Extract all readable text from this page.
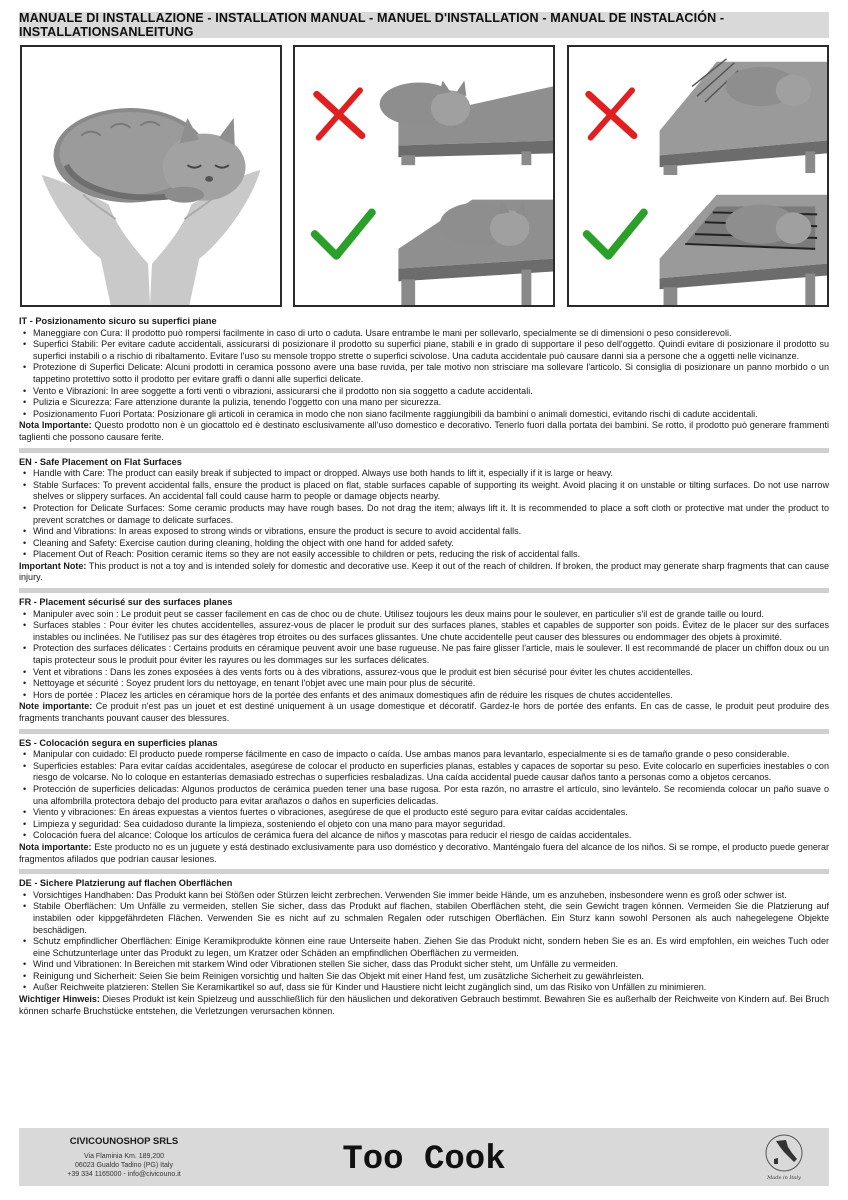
MANUALE DI INSTALLAZIONE - INSTALLATION MANUAL - MANUEL D'INSTALLATION - MANUAL DE INSTALACIÓN - INSTALLATIONSANLEITUNG
IT - Posizionamento sicuro su superfici piane
• Maneggiare con Cura: Il prodotto può rompersi facilmente in caso di urto o caduta. Usare entrambe le mani per sollevarlo, specialmente se di dimensioni o peso considerevoli.
• Superfici Stabili: Per evitare cadute accidentali, assicurarsi di posizionare il prodotto su superfici piane, stabili e in grado di supportare il peso dell'oggetto. Quindi evitare di posizionare il prodotto su superfici instabili o a rischio di ribaltamento. Evitare l'uso su mensole troppo strette o superfici scivolose. Una caduta accidentale può causare danni sia a persone che a oggetti nelle vicinanze.
• Protezione di Superfici Delicate: Alcuni prodotti in ceramica possono avere una base ruvida, per tale motivo non strisciare ma sollevare l'articolo. Si consiglia di posizionare un panno morbido o un tappetino protettivo sotto il prodotto per evitare graffi o danni alle superfici delicate.
• Vento e Vibrazioni: In aree soggette a forti venti o vibrazioni, assicurarsi che il prodotto non sia soggetto a cadute accidentali.
• Pulizia e Sicurezza: Fare attenzione durante la pulizia, tenendo l'oggetto con una mano per sicurezza.
• Posizionamento Fuori Portata: Posizionare gli articoli in ceramica in modo che non siano facilmente raggiungibili da bambini o animali domestici, evitando rischi di cadute accidentali.

Nota Importante: Questo prodotto non è un giocattolo ed è destinato esclusivamente all'uso domestico e decorativo. Tenerlo fuori dalla portata dei bambini. Se rotto, il prodotto può generare frammenti taglienti che possono causare ferite.

EN - Safe Placement on Flat Surfaces
• Handle with Care: The product can easily break if subjected to impact or dropped. Always use both hands to lift it, especially if it is large or heavy.
• Stable Surfaces: To prevent accidental falls, ensure the product is placed on flat, stable surfaces capable of supporting its weight. Avoid placing it on unstable or tilting surfaces. Do not use narrow shelves or slippery surfaces. An accidental fall could cause harm to people or damage objects nearby.
• Protection for Delicate Surfaces: Some ceramic products may have rough bases. Do not drag the item; always lift it. It is recommended to place a soft cloth or protective mat under the product to prevent scratches or damage to delicate surfaces.
• Wind and Vibrations: In areas exposed to strong winds or vibrations, ensure the product is secure to avoid accidental falls.
• Cleaning and Safety: Exercise caution during cleaning, holding the object with one hand for added safety.
• Placement Out of Reach: Position ceramic items so they are not easily accessible to children or pets, reducing the risk of accidental falls.

Important Note: This product is not a toy and is intended solely for domestic and decorative use. Keep it out of the reach of children. If broken, the product may generate sharp fragments that can cause injury.

FR - Placement sécurisé sur des surfaces planes
• Manipuler avec soin : Le produit peut se casser facilement en cas de choc ou de chute. Utilisez toujours les deux mains pour le soulever, en particulier s'il est de grande taille ou lourd.
• Surfaces stables : Pour éviter les chutes accidentelles, assurez-vous de placer le produit sur des surfaces planes, stables et capables de supporter son poids. Évitez de le placer sur des surfaces instables ou inclinées. Ne l'utilisez pas sur des étagères trop étroites ou des surfaces glissantes. Une chute accidentelle peut causer des blessures ou endommager des objets à proximité.
• Protection des surfaces délicates : Certains produits en céramique peuvent avoir une base rugueuse. Ne pas faire glisser l'article, mais le soulever. Il est recommandé de placer un chiffon doux ou un tapis protecteur sous le produit pour éviter les rayures ou les dommages sur les surfaces délicates.
• Vent et vibrations : Dans les zones exposées à des vents forts ou à des vibrations, assurez-vous que le produit est bien sécurisé pour éviter les chutes accidentelles.
• Nettoyage et sécurité : Soyez prudent lors du nettoyage, en tenant l'objet avec une main pour plus de sécurité.
• Hors de portée : Placez les articles en céramique hors de la portée des enfants et des animaux domestiques afin de réduire les risques de chutes accidentelles.

Note importante: Ce produit n'est pas un jouet et est destiné uniquement à un usage domestique et décoratif. Gardez-le hors de portée des enfants. En cas de casse, le produit peut produire des fragments tranchants pouvant causer des blessures.

ES - Colocación segura en superficies planas
• Manipular con cuidado: El producto puede romperse fácilmente en caso de impacto o caída. Use ambas manos para levantarlo, especialmente si es de tamaño grande o peso considerable.
• Superficies estables: Para evitar caídas accidentales, asegúrese de colocar el producto en superficies planas, estables y capaces de soportar su peso. Evite colocarlo en superficies inestables o con riesgo de volcarse. No lo coloque en estanterías demasiado estrechas o superficies resbaladizas. Una caída accidental puede causar daños tanto a personas como a objetos cercanos.
• Protección de superficies delicadas: Algunos productos de cerámica pueden tener una base rugosa. Por esta razón, no arrastre el artículo, sino levántelo. Se recomienda colocar un paño suave o una alfombrilla protectora debajo del producto para evitar arañazos o daños en superficies delicadas.
• Viento y vibraciones: En áreas expuestas a vientos fuertes o vibraciones, asegúrese de que el producto esté seguro para evitar caídas accidentales.
• Limpieza y seguridad: Sea cuidadoso durante la limpieza, sosteniendo el objeto con una mano para mayor seguridad.
• Colocación fuera del alcance: Coloque los artículos de cerámica fuera del alcance de niños y mascotas para reducir el riesgo de caídas accidentales.

Nota importante: Este producto no es un juguete y está destinado exclusivamente para uso doméstico y decorativo. Manténgalo fuera del alcance de los niños. Si se rompe, el producto puede generar fragmentos afilados que podrían causar lesiones.

DE - Sichere Platzierung auf flachen Oberflächen
• Vorsichtiges Handhaben: Das Produkt kann bei Stößen oder Stürzen leicht zerbrechen. Verwenden Sie immer beide Hände, um es anzuheben, insbesondere wenn es groß oder schwer ist.
• Stabile Oberflächen: Um Unfälle zu vermeiden, stellen Sie sicher, dass das Produkt auf flachen, stabilen Oberflächen steht, die sein Gewicht tragen können. Vermeiden Sie die Platzierung auf instabilen oder kippgefährdeten Flächen. Verwenden Sie es nicht auf zu schmalen Regalen oder rutschigen Oberflächen. Ein Sturz kann sowohl Personen als auch nahegelegene Objekte beschädigen.
• Schutz empfindlicher Oberflächen: Einige Keramikprodukte können eine raue Unterseite haben. Ziehen Sie das Produkt nicht, sondern heben Sie es an. Es wird empfohlen, ein weiches Tuch oder eine Schutzunterlage unter das Produkt zu legen, um Kratzer oder Schäden an empfindlichen Oberflächen zu vermeiden.
• Wind und Vibrationen: In Bereichen mit starkem Wind oder Vibrationen stellen Sie sicher, dass das Produkt sicher steht, um Unfälle zu vermeiden.
• Reinigung und Sicherheit: Seien Sie beim Reinigen vorsichtig und halten Sie das Objekt mit einer Hand fest, um zusätzliche Sicherheit zu gewährleisten.
• Außer Reichweite platzieren: Stellen Sie Keramikartikel so auf, dass sie für Kinder und Haustiere nicht leicht zugänglich sind, um das Risiko von Unfällen zu minimieren.

Wichtiger Hinweis: Dieses Produkt ist kein Spielzeug und ausschließlich für den häuslichen und dekorativen Gebrauch bestimmt. Bewahren Sie es außerhalb der Reichweite von Kindern auf. Bei Bruch können scharfe Bruchstücke entstehen, die Verletzungen verursachen können.

CIVICOUNOSHOP SRLS
Via Flaminia Km. 189,200
06023 Gualdo Tadino (PG) Italy
+39 334 1165000 - info@civicouno.it	Too Cook	Made in Italy
